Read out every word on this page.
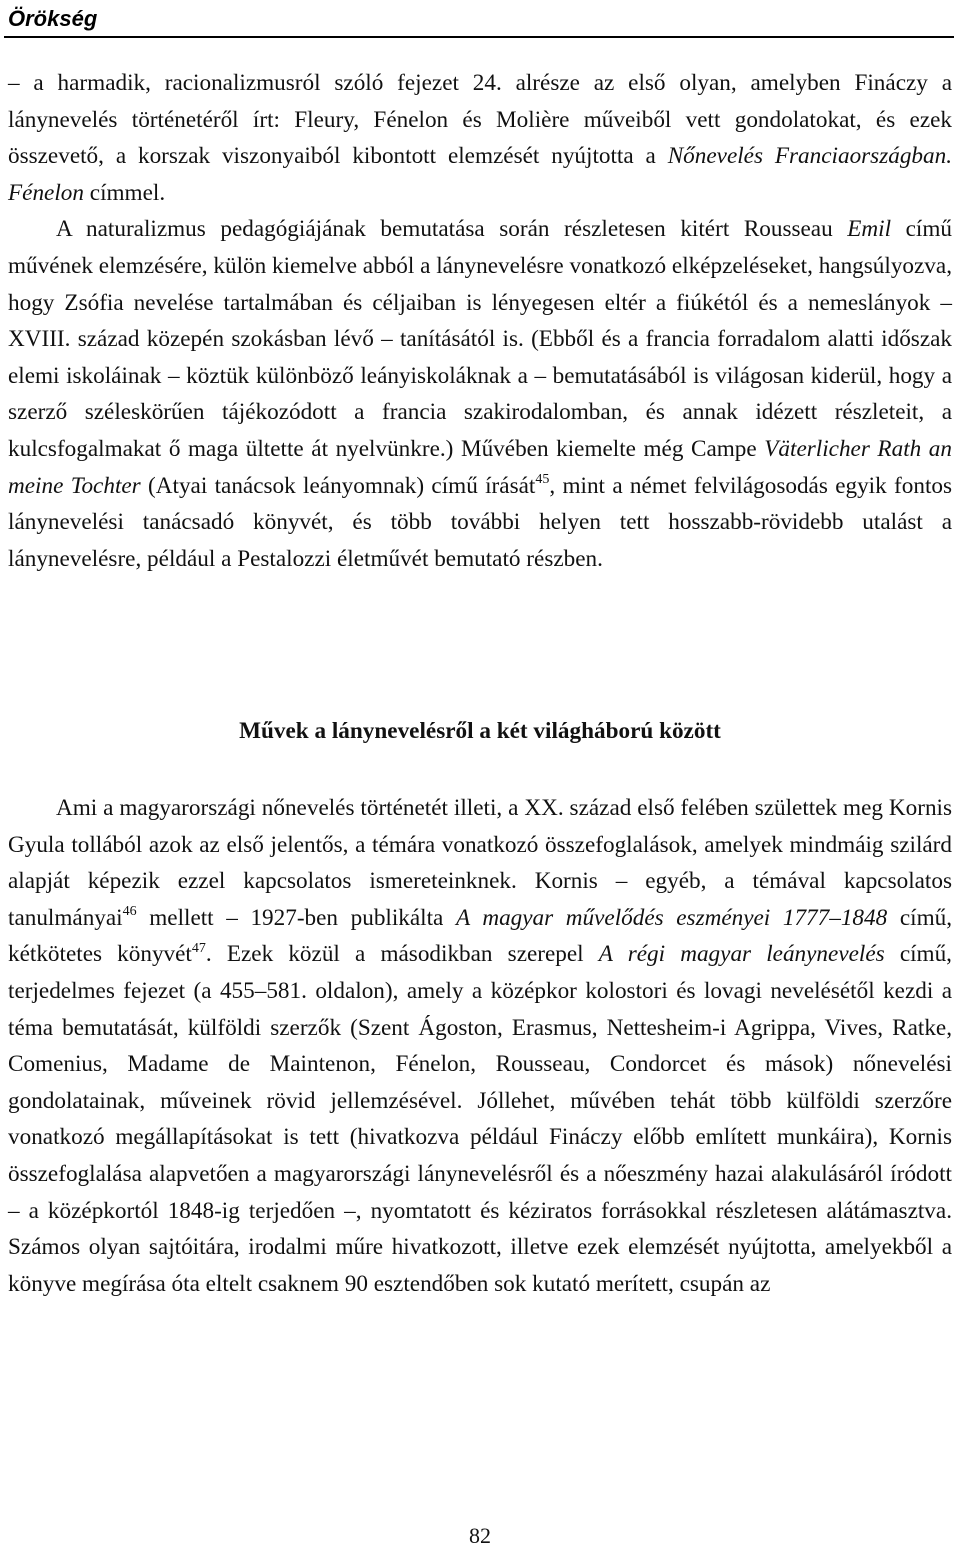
Örökség

– a harmadik, racionalizmusról szóló fejezet 24. alrésze az első olyan, amelyben Fináczy a lánynevelés történetéről írt: Fleury, Fénelon és Molière műveiből vett gondolatokat, és ezek összevető, a korszak viszonyaiból kibontott elemzését nyújtotta a Nőnevelés Franciaországban. Fénelon címmel.

A naturalizmus pedagógiájának bemutatása során részletesen kitért Rousseau Emil című művének elemzésére, külön kiemelve abból a lánynevelésre vonatkozó elképzeléseket, hangsúlyozva, hogy Zsófia nevelése tartalmában és céljaiban is lényegesen eltér a fiúkétól és a nemeslányok – XVIII. század közepén szokásban lévő – tanításától is. (Ebből és a francia forradalom alatti időszak elemi iskoláinak – köztük különböző leányiskoláknak a – bemutatásából is világosan kiderül, hogy a szerző széleskörűen tájékozódott a francia szakirodalomban, és annak idézett részleteit, a kulcsfogalmakat ő maga ültette át nyelvünkre.) Művében kiemelte még Campe Väterlicher Rath an meine Tochter (Atyai tanácsok leányomnak) című írását$^{45}$, mint a német felvilágosodás egyik fontos lánynevelési tanácsadó könyvét, és több további helyen tett hosszabb-rövidebb utalást a lánynevelésre, például a Pestalozzi életművét bemutató részben.

Művek a lánynevelésről a két világháború között

Ami a magyarországi nőnevelés történetét illeti, a XX. század első felében születtek meg Kornis Gyula tollából azok az első jelentős, a témára vonatkozó összefoglalások, amelyek mindmáig szilárd alapját képezik ezzel kapcsolatos ismereteinknek. Kornis – egyéb, a témával kapcsolatos tanulmányai$^{46}$ mellett – 1927-ben publikálta A magyar művelődés eszményei 1777–1848 című, kétkötetes könyvét$^{47}$. Ezek közül a másodikban szerepel A régi magyar leánynevelés című, terjedelmes fejezet (a 455–581. oldalon), amely a középkor kolostori és lovagi nevelésétől kezdi a téma bemutatását, külföldi szerzők (Szent Ágoston, Erasmus, Nettesheim-i Agrippa, Vives, Ratke, Comenius, Madame de Maintenon, Fénelon, Rousseau, Condorcet és mások) nőnevelési gondolatainak, műveinek rövid jellemzésével. Jóllehet, művében tehát több külföldi szerzőre vonatkozó megállapításokat is tett (hivatkozva például Fináczy előbb említett munkáira), Kornis összefoglalása alapvetően a magyarországi lánynevelésről és a nőeszmény hazai alakulásáról íródott – a középkortól 1848-ig terjedően –, nyomtatott és kéziratos forrásokkal részletesen alátámasztva. Számos olyan sajtóitára, irodalmi műre hivatkozott, illetve ezek elemzését nyújtotta, amelyekből a könyve megírása óta eltelt csaknem 90 esztendőben sok kutató merített, csupán az

82
